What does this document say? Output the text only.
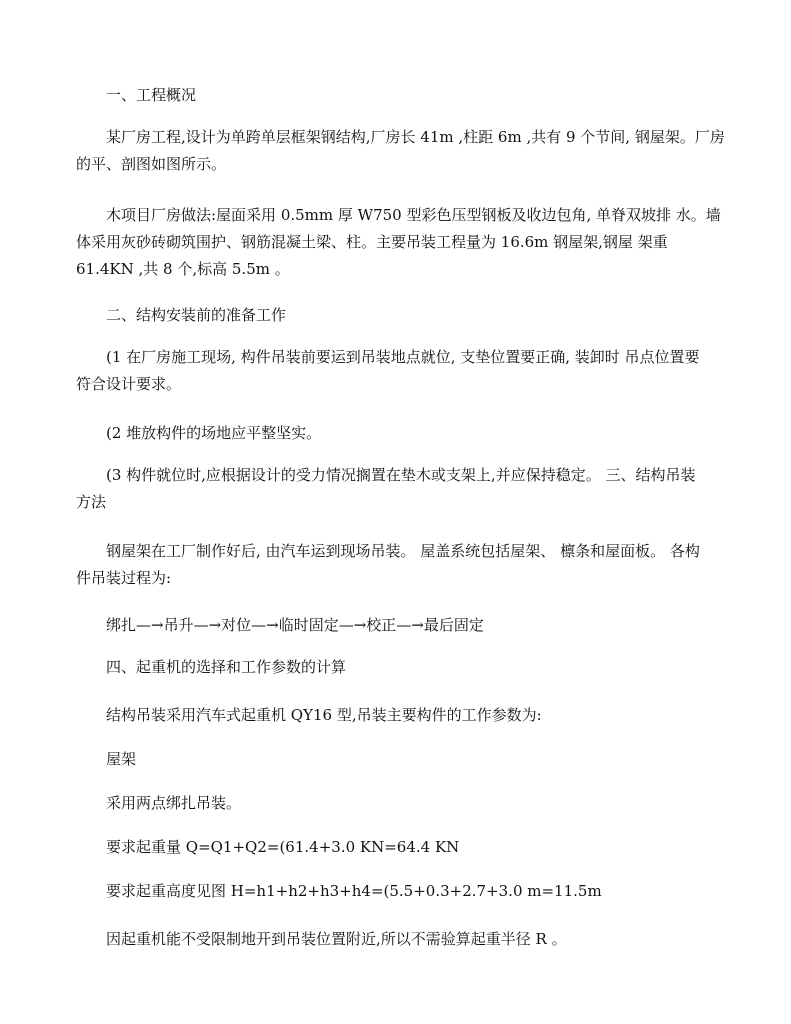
一、工程概况

某厂房工程,设计为单跨单层框架钢结构,厂房长 41m ,柱距 6m ,共有 9 个节间, 钢屋架。厂房
的平、剖图如图所示。

木项目厂房做法:屋面采用 0.5mm 厚 W750 型彩色压型钢板及收边包角, 单脊双坡排 水。墙
体采用灰砂砖砌筑围护、钢筋混凝土梁、柱。主要吊装工程量为 16.6m 钢屋架,钢屋 架重
61.4KN ,共 8 个,标高 5.5m 。

二、结构安装前的准备工作

(1 在厂房施工现场, 构件吊装前要运到吊装地点就位, 支垫位置要正确, 装卸时 吊点位置要
符合设计要求。

(2 堆放构件的场地应平整坚实。

(3 构件就位时,应根据设计的受力情况搁置在垫木或支架上,并应保持稳定。 三、结构吊装
方法

钢屋架在工厂制作好后, 由汽车运到现场吊装。 屋盖系统包括屋架、 檩条和屋面板。 各构
件吊装过程为:

绑扎—→吊升—→对位—→临时固定—→校正—→最后固定

四、起重机的选择和工作参数的计算

结构吊装采用汽车式起重机 QY16 型,吊装主要构件的工作参数为:

屋架

采用两点绑扎吊装。

要求起重量 Q=Q1+Q2=(61.4+3.0 KN=64.4 KN

要求起重高度见图 H=h1+h2+h3+h4=(5.5+0.3+2.7+3.0 m=11.5m

因起重机能不受限制地开到吊装位置附近,所以不需验算起重半径 R 。
